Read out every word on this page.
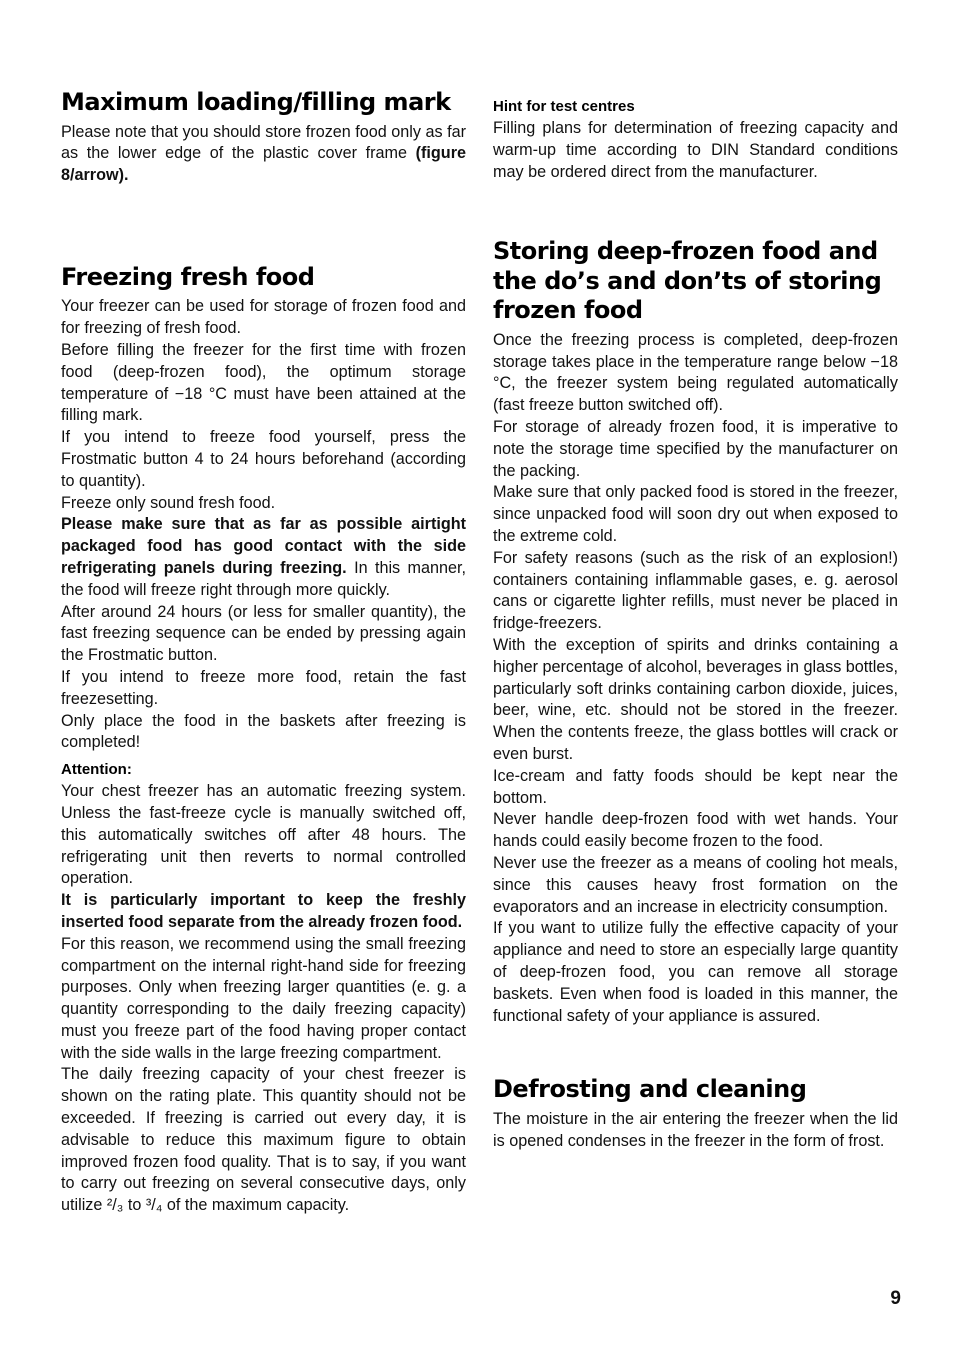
Maximum loading/filling mark

Please note that you should store frozen food only as far as the lower edge of the plastic cover frame (figure 8/arrow).

Freezing fresh food

Your freezer can be used for storage of frozen food and for freezing of fresh food.

Before filling the freezer for the first time with frozen food (deep-frozen food), the optimum storage temperature of −18 °C must have been attained at the filling mark.

If you intend to freeze food yourself, press the Frostmatic button 4 to 24 hours beforehand (according to quantity).

Freeze only sound fresh food.

Please make sure that as far as possible airtight packaged food has good contact with the side refrigerating panels during freezing. In this manner, the food will freeze right through more quickly.

After around 24 hours (or less for smaller quantity), the fast freezing sequence can be ended by pressing again the Frostmatic button.

If you intend to freeze more food, retain the fast freezesetting.

Only place the food in the baskets after freezing is completed!

Attention:

Your chest freezer has an automatic freezing system. Unless the fast-freeze cycle is manually switched off, this automatically switches off after 48 hours. The refrigerating unit then reverts to normal controlled operation.

It is particularly important to keep the freshly inserted food separate from the already frozen food.

For this reason, we recommend using the small freezing compartment on the internal right-hand side for freezing purposes. Only when freezing larger quantities (e. g. a quantity corresponding to the daily freezing capacity) must you freeze part of the food having proper contact with the side walls in the large freezing compartment.

The daily freezing capacity of your chest freezer is shown on the rating plate. This quantity should not be exceeded. If freezing is carried out every day, it is advisable to reduce this maximum figure to obtain improved frozen food quality. That is to say, if you want to carry out freezing on several consecutive days, only utilize ²/₃ to ³/₄ of the maximum capacity.

Hint for test centres

Filling plans for determination of freezing capacity and warm-up time according to DIN Standard conditions may be ordered direct from the manufacturer.

Storing deep-frozen food and the do’s and don’ts of storing frozen food

Once the freezing process is completed, deep-frozen storage takes place in the temperature range below −18 °C, the freezer system being regulated automatically (fast freeze button switched off).

For storage of already frozen food, it is imperative to note the storage time specified by the manufacturer on the packing.

Make sure that only packed food is stored in the freezer, since unpacked food will soon dry out when exposed to the extreme cold.

For safety reasons (such as the risk of an explosion!) containers containing inflammable gases, e. g. aerosol cans or cigarette lighter refills, must never be placed in fridge-freezers.

With the exception of spirits and drinks containing a higher percentage of alcohol, beverages in glass bottles, particularly soft drinks containing carbon dioxide, juices, beer, wine, etc. should not be stored in the freezer. When the contents freeze, the glass bottles will crack or even burst.

Ice-cream and fatty foods should be kept near the bottom.

Never handle deep-frozen food with wet hands. Your hands could easily become frozen to the food.

Never use the freezer as a means of cooling hot meals, since this causes heavy frost formation on the evaporators and an increase in electricity consumption.

If you want to utilize fully the effective capacity of your appliance and need to store an especially large quantity of deep-frozen food, you can remove all storage baskets. Even when food is loaded in this manner, the functional safety of your appliance is assured.

Defrosting and cleaning

The moisture in the air entering the freezer when the lid is opened condenses in the freezer in the form of frost.

9
